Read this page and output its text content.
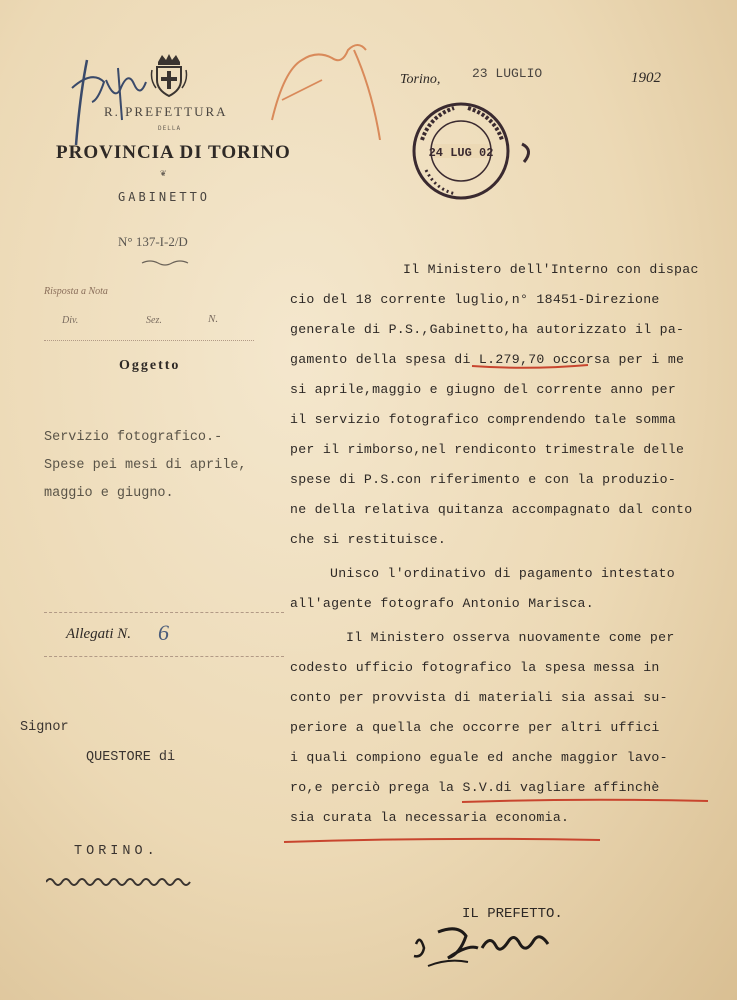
R. PREFETTURA
DELLA
PROVINCIA DI TORINO
❦
GABINETTO
N° 137-I-2/D
Risposta a Nota
Div.	Sez.	N.
Oggetto
Servizio fotografico.-
Spese pei mesi di aprile,
maggio e giugno.
Allegati N. 6
Signor
QUESTORE di
TORINO.
Torino, 23 LUGLIO	1902
24 LUG 02
Il Ministero dell'Interno con dispac
cio del 18 corrente luglio,n° 18451-Direzione
generale di P.S.,Gabinetto,ha autorizzato il pa-
gamento della spesa di L.279,70 occorsa per i me
si aprile,maggio e giugno del corrente anno per
il servizio fotografico comprendendo tale somma
per il rimborso,nel rendiconto trimestrale delle
spese di P.S.con riferimento e con la produzio-
ne della relativa quitanza accompagnato dal conto
che si restituisce.
Unisco l'ordinativo di pagamento intestato
all'agente fotografo Antonio Marisca.
Il Ministero osserva nuovamente come per
codesto ufficio fotografico la spesa messa in
conto per provvista di materiali sia assai su-
periore a quella che occorre per altri uffici
i quali compiono eguale ed anche maggior lavo-
ro,e perciò prega la S.V.di vagliare affinchè
sia curata la necessaria economia.
IL PREFETTO.
